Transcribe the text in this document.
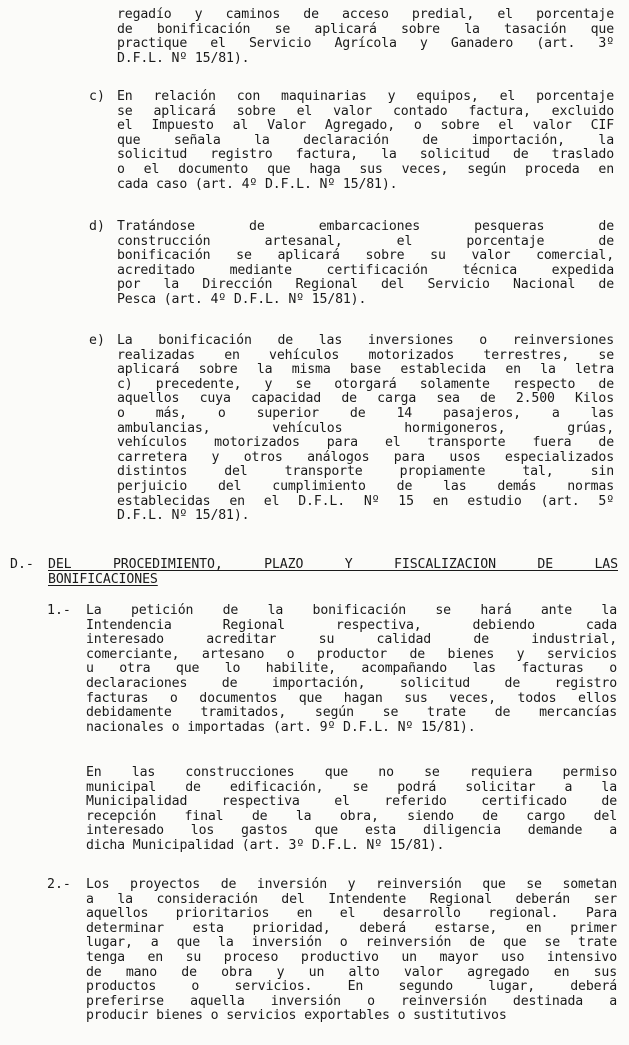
regadío y caminos de acceso predial, el porcentaje
de bonificación se aplicará sobre la tasación que
practique el Servicio Agrícola y Ganadero (art. 3º
D.F.L. Nº 15/81).
c) En relación con maquinarias y equipos, el porcentaje
se aplicará sobre el valor contado factura, excluido
el Impuesto al Valor Agregado, o sobre el valor CIF
que señala la declaración de importación, la
solicitud registro factura, la solicitud de traslado
o el documento que haga sus veces, según proceda en
cada caso (art. 4º D.F.L. Nº 15/81).
d) Tratándose de embarcaciones pesqueras de
construcción artesanal, el porcentaje de
bonificación se aplicará sobre su valor comercial,
acreditado mediante certificación técnica expedida
por la Dirección Regional del Servicio Nacional de
Pesca (art. 4º D.F.L. Nº 15/81).
e) La bonificación de las inversiones o reinversiones
realizadas en vehículos motorizados terrestres, se
aplicará sobre la misma base establecida en la letra
c) precedente, y se otorgará solamente respecto de
aquellos cuya capacidad de carga sea de 2.500 Kilos
o más, o superior de 14 pasajeros, a las
ambulancias, vehículos hormigoneros, grúas,
vehículos motorizados para el transporte fuera de
carretera y otros análogos para usos especializados
distintos del transporte propiamente tal, sin
perjuicio del cumplimiento de las demás normas
establecidas en el D.F.L. Nº 15 en estudio (art. 5º
D.F.L. Nº 15/81).
D.- DEL PROCEDIMIENTO, PLAZO Y FISCALIZACION DE LAS
BONIFICACIONES
1.- La petición de la bonificación se hará ante la
Intendencia Regional respectiva, debiendo cada
interesado acreditar su calidad de industrial,
comerciante, artesano o productor de bienes y servicios
u otra que lo habilite, acompañando las facturas o
declaraciones de importación, solicitud de registro
facturas o documentos que hagan sus veces, todos ellos
debidamente tramitados, según se trate de mercancías
nacionales o importadas (art. 9º D.F.L. Nº 15/81).
En las construcciones que no se requiera permiso
municipal de edificación, se podrá solicitar a la
Municipalidad respectiva el referido certificado de
recepción final de la obra, siendo de cargo del
interesado los gastos que esta diligencia demande a
dicha Municipalidad (art. 3º D.F.L. Nº 15/81).
2.- Los proyectos de inversión y reinversión que se sometan
a la consideración del Intendente Regional deberán ser
aquellos prioritarios en el desarrollo regional. Para
determinar esta prioridad, deberá estarse, en primer
lugar, a que la inversión o reinversión de que se trate
tenga en su proceso productivo un mayor uso intensivo
de mano de obra y un alto valor agregado en sus
productos o servicios. En segundo lugar, deberá
preferirse aquella inversión o reinversión destinada a
producir bienes o servicios exportables o sustitutivos
